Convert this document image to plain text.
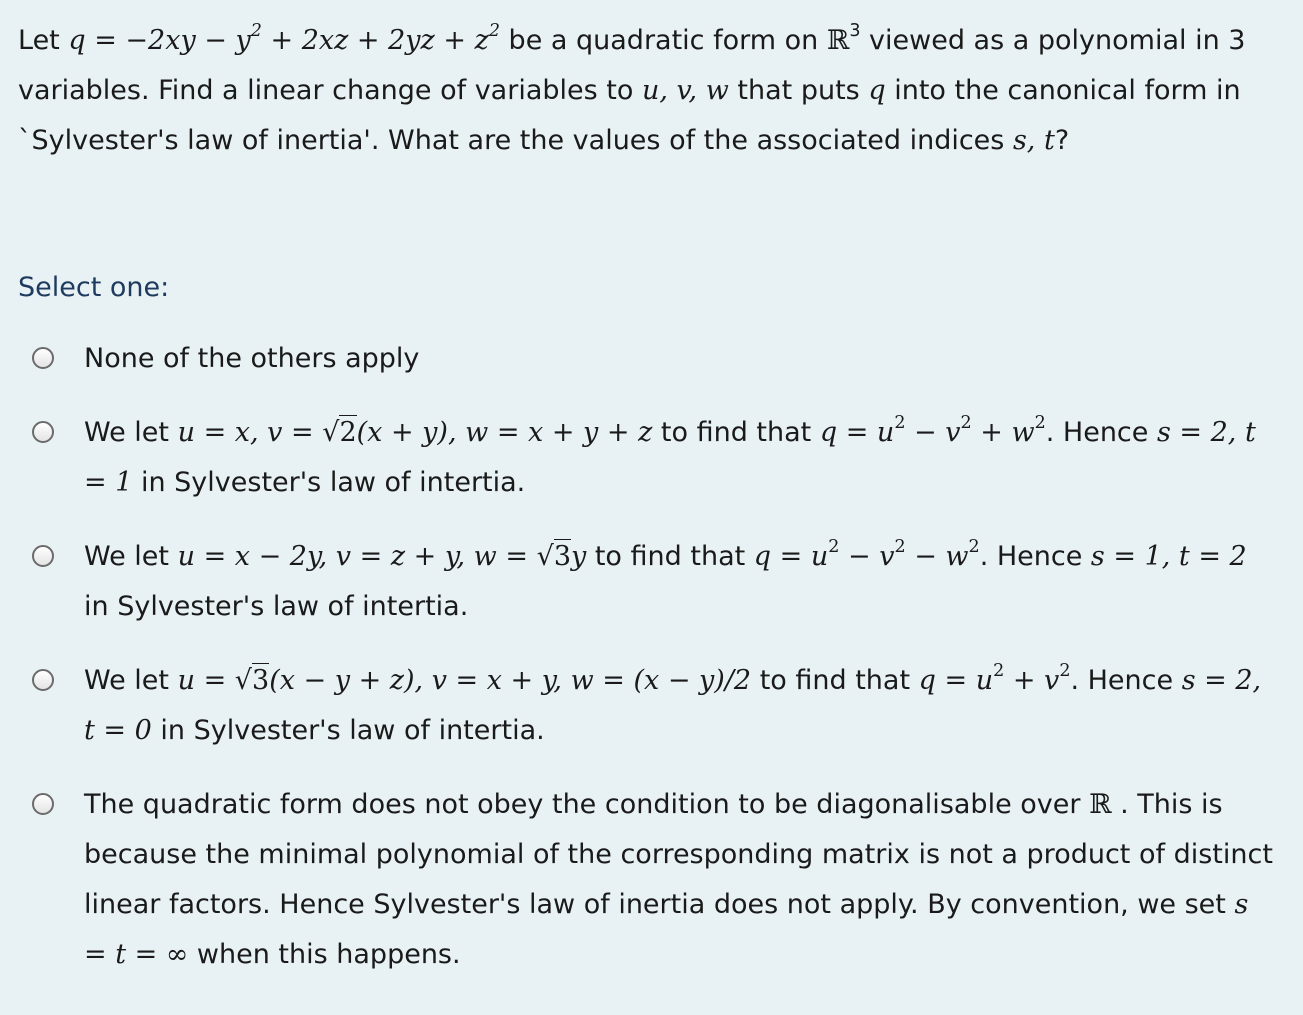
Let $q = -2xy - y^2 + 2xz + 2yz + z^2$ be a quadratic form on ℝ$^3$ viewed as a polynomial in 3 variables. Find a linear change of variables to u, v, w that puts q into the canonical form in `Sylvester's law of inertia'. What are the values of the associated indices s, t?
Select one:
None of the others apply
We let u = x, v = √2(x + y), w = x + y + z to find that $q = u^2 - v^2 + w^2$. Hence s = 2, t = 1 in Sylvester's law of intertia.
We let u = x − 2y, v = z + y, w = √3y to find that $q = u^2 - v^2 - w^2$. Hence s = 1, t = 2 in Sylvester's law of intertia.
We let u = √3(x − y + z), v = x + y, w = (x − y)/2 to find that $q = u^2 + v^2$. Hence s = 2, t = 0 in Sylvester's law of intertia.
The quadratic form does not obey the condition to be diagonalisable over ℝ . This is because the minimal polynomial of the corresponding matrix is not a product of distinct linear factors. Hence Sylvester's law of inertia does not apply. By convention, we set s = t = ∞ when this happens.
